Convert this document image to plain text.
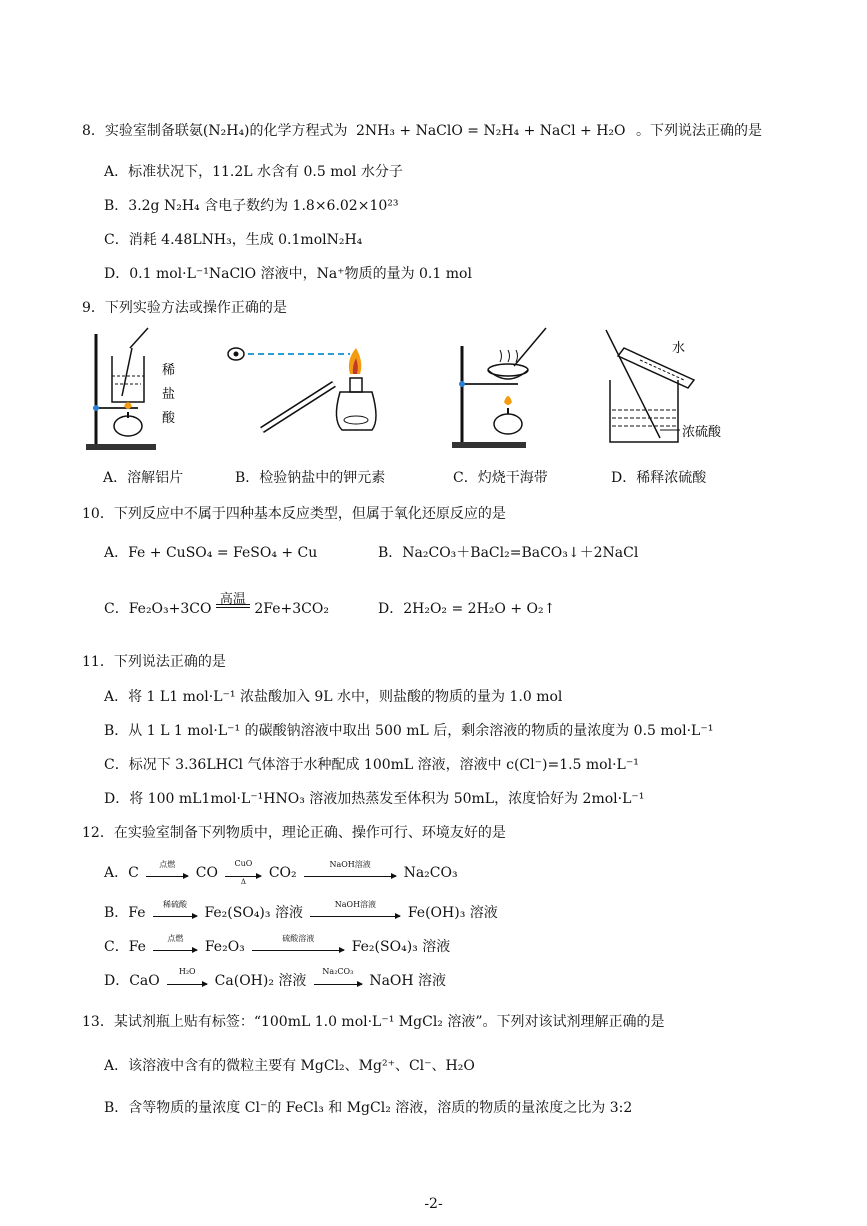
8．实验室制备联氨(N₂H₄)的化学方程式为 2NH₃ + NaClO = N₂H₄ + NaCl + H₂O 。下列说法正确的是
A．标准状况下，11.2L 水含有 0.5 mol 水分子
B．3.2g N₂H₄ 含电子数约为 1.8×6.02×10²³
C．消耗 4.48LNH₃，生成 0.1molN₂H₄
D．0.1 mol·L⁻¹NaClO 溶液中，Na⁺物质的量为 0.1 mol
9．下列实验方法或操作正确的是
稀
盐
酸
水
浓硫酸
A．溶解铝片	B．检验钠盐中的钾元素	C．灼烧干海带	D．稀释浓硫酸
10．下列反应中不属于四种基本反应类型，但属于氧化还原反应的是
A．Fe + CuSO₄ = FeSO₄ + Cu	B．Na₂CO₃＋BaCl₂=BaCO₃↓＋2NaCl
C．Fe₂O₃+3CO
高温
2Fe+3CO₂	D．2H₂O₂ = 2H₂O + O₂↑
11．下列说法正确的是
A．将 1 L1 mol·L⁻¹ 浓盐酸加入 9L 水中，则盐酸的物质的量为 1.0 mol
B．从 1 L 1 mol·L⁻¹ 的碳酸钠溶液中取出 500 mL 后，剩余溶液的物质的量浓度为 0.5 mol·L⁻¹
C．标况下 3.36LHCl 气体溶于水种配成 100mL 溶液，溶液中 c(Cl⁻)=1.5 mol·L⁻¹
D．将 100 mL1mol·L⁻¹HNO₃ 溶液加热蒸发至体积为 50mL，浓度恰好为 2mol·L⁻¹
12．在实验室制备下列物质中，理论正确、操作可行、环境友好的是
A．C
点燃
CO
CuO
Δ
CO₂
NaOH溶液
Na₂CO₃
B．Fe
稀硫酸
Fe₂(SO₄)₃ 溶液
NaOH溶液
Fe(OH)₃ 溶液
C．Fe
点燃
Fe₂O₃
硫酸溶液
Fe₂(SO₄)₃ 溶液
D．CaO
H₂O
Ca(OH)₂ 溶液
Na₂CO₃
NaOH 溶液
13．某试剂瓶上贴有标签：“100mL 1.0 mol·L⁻¹ MgCl₂ 溶液”。下列对该试剂理解正确的是
A．该溶液中含有的微粒主要有 MgCl₂、Mg²⁺、Cl⁻、H₂O
B．含等物质的量浓度 Cl⁻的 FeCl₃ 和 MgCl₂ 溶液，溶质的物质的量浓度之比为 3:2
-2-
